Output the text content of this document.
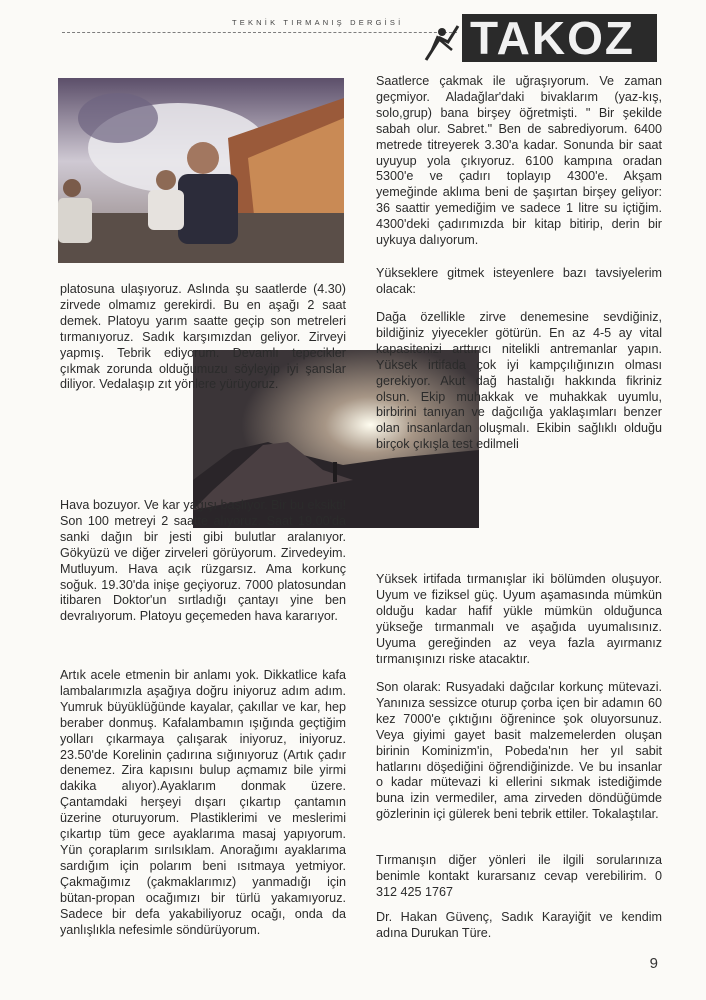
TEKNİK TIRMANIŞ DERGİSİ TAKOZ

platosuna ulaşıyoruz. Aslında şu saatlerde (4.30) zirvede olmamız gerekirdi. Bu en aşağı 2 saat demek. Platoyu yarım saatte geçip son metreleri tırmanıyoruz. Sadık karşımızdan geliyor. Zirveyi yapmış. Tebrik ediyorum. Devamlı tepecikler çıkmak zorunda olduğumuzu söyleyip iyi şanslar diliyor. Vedalaşıp zıt yönlere yürüyoruz.

Hava bozuyor. Ve kar yağışı başlıyor. Bir bu eksikti! Son 100 metreyi 2 saatte alıyoruz. Saat 19.00'da sanki dağın bir jesti gibi bulutlar aralanıyor. Gökyüzü ve diğer zirveleri görüyorum. Zirvedeyim. Mutluyum. Hava açık rüzgarsız. Ama korkunç soğuk. 19.30'da inişe geçiyoruz. 7000 platosundan itibaren Doktor'un sırtladığı çantayı yine ben devralıyorum. Platoyu geçemeden hava kararıyor.

Artık acele etmenin bir anlamı yok. Dikkatlice kafa lambalarımızla aşağıya doğru iniyoruz adım adım. Yumruk büyüklüğünde kayalar, çakıllar ve kar, hep beraber donmuş. Kafalambamın ışığında geçtiğim yolları çıkarmaya çalışarak iniyoruz, iniyoruz. 23.50'de Korelinin çadırına sığınıyoruz (Artık çadır denemez. Zira kapısını bulup açmamız bile yirmi dakika alıyor).Ayaklarım donmak üzere. Çantamdaki herşeyi dışarı çıkartıp çantamın üzerine oturuyorum. Plastiklerimi ve meslerimi çıkartıp tüm gece ayaklarıma masaj yapıyorum. Yün çoraplarım sırılsıklam. Anorağımı ayaklarıma sardığım için polarım beni ısıtmaya yetmiyor. Çakmağımız (çakmaklarımız) yanmadığı için bütan-propan ocağımızı bir türlü yakamıyoruz. Sadece bir defa yakabiliyoruz ocağı, onda da yanlışlıkla nefesimle söndürüyorum.

Saatlerce çakmak ile uğraşıyorum. Ve zaman geçmiyor. Aladağlar'daki bivaklarım (yaz-kış, solo,grup) bana birşey öğretmişti. " Bir şekilde sabah olur. Sabret." Ben de sabrediyorum. 6400 metrede titreyerek 3.30'a kadar. Sonunda bir saat uyuyup yola çıkıyoruz. 6100 kampına oradan 5300'e ve çadırı toplayıp 4300'e. Akşam yemeğinde aklıma beni de şaşırtan birşey geliyor: 36 saattir yemediğim ve sadece 1 litre su içtiğim. 4300'deki çadırımızda bir kitap bitirip, derin bir uykuya dalıyorum.

Yükseklere gitmek isteyenlere bazı tavsiyelerim olacak:

Dağa özellikle zirve denemesine sevdiğiniz, bildiğiniz yiyecekler götürün. En az 4-5 ay vital kapasitenizi arttırıcı nitelikli antremanlar yapın. Yüksek irtifada çok iyi kampçılığınızın olması gerekiyor. Akut dağ hastalığı hakkında fikriniz olsun. Ekip muhakkak ve muhakkak uyumlu, birbirini tanıyan ve dağcılığa yaklaşımları benzer olan insanlardan oluşmalı. Ekibin sağlıklı olduğu birçok çıkışla test edilmeli

Yüksek irtifada tırmanışlar iki bölümden oluşuyor. Uyum ve fiziksel güç. Uyum aşamasında mümkün olduğu kadar hafif yükle mümkün olduğunca yükseğe tırmanmalı ve aşağıda uyumalısınız. Uyuma gereğinden az veya fazla ayırmanız tırmanışınızı riske atacaktır.

Son olarak: Rusyadaki dağcılar korkunç mütevazi. Yanınıza sessizce oturup çorba içen bir adamın 60 kez 7000'e çıktığını öğrenince şok oluyorsunuz. Veya giyimi gayet basit malzemelerden oluşan birinin Kominizm'in, Pobeda'nın her yıl sabit hatlarını döşediğini öğrendiğinizde. Ve bu insanlar o kadar mütevazi ki ellerini sıkmak istediğimde buna izin vermediler, ama zirveden döndüğümde gözlerinin içi gülerek beni tebrik ettiler. Tokalaştılar.

Tırmanışın diğer yönleri ile ilgili sorularınıza benimle kontakt kurarsanız cevap verebilirim. 0 312 425 1767

Dr. Hakan Güvenç, Sadık Karayiğit ve kendim adına Durukan Türe.

9
